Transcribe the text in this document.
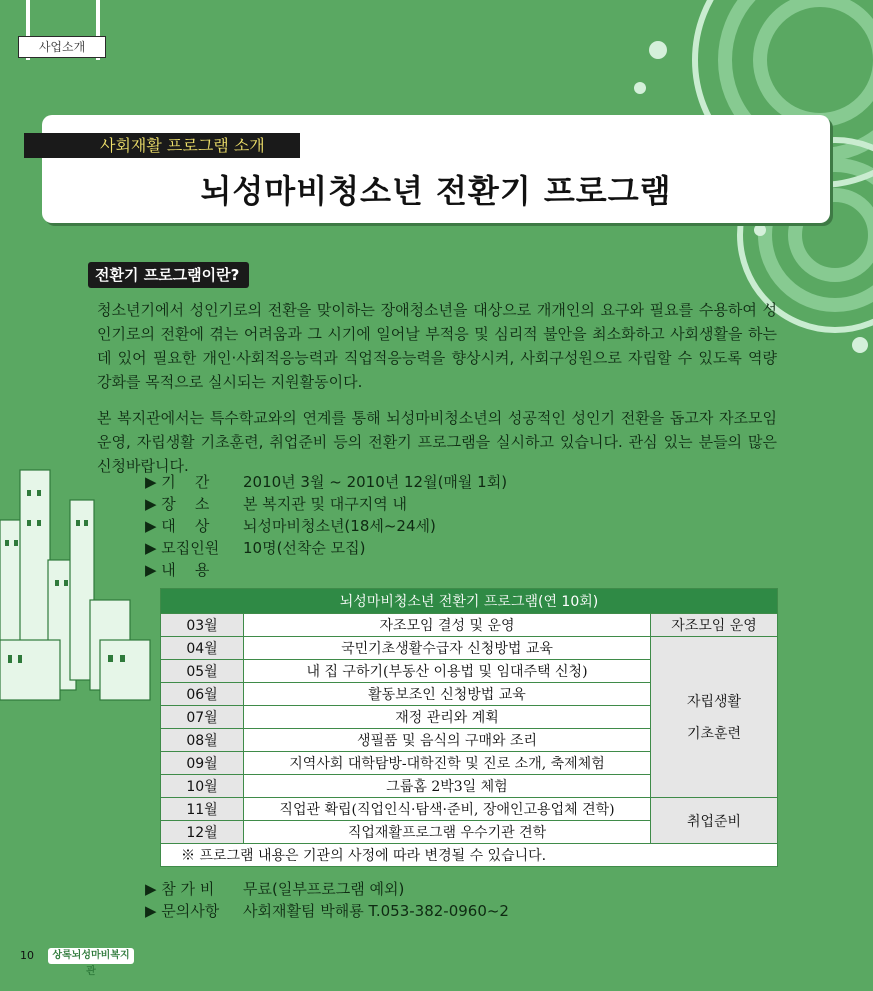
사업소개
사회재활 프로그램 소개
뇌성마비청소년 전환기 프로그램
전환기 프로그램이란?
청소년기에서 성인기로의 전환을 맞이하는 장애청소년을 대상으로 개개인의 요구와 필요를 수용하여 성인기로의 전환에 겪는 어려움과 그 시기에 일어날 부적응 및 심리적 불안을 최소화하고 사회생활을 하는데 있어 필요한 개인·사회적응능력과 직업적응능력을 향상시켜, 사회구성원으로 자립할 수 있도록 역량 강화를 목적으로 실시되는 지원활동이다.
본 복지관에서는 특수학교와의 연계를 통해 뇌성마비청소년의 성공적인 성인기 전환을 돕고자 자조모임 운영, 자립생활 기초훈련, 취업준비 등의 전환기 프로그램을 실시하고 있습니다. 관심 있는 분들의 많은 신청바랍니다.
▶ 기    간	2010년 3월 ~ 2010년 12월(매월 1회)
▶ 장    소	본 복지관 및 대구지역 내
▶ 대    상	뇌성마비청소년(18세~24세)
▶ 모집인원	10명(선착순 모집)
▶ 내    용
뇌성마비청소년 전환기 프로그램(연 10회)		
03월	자조모임 결성 및 운영	자조모임 운영
04월	국민기초생활수급자 신청방법 교육	자립생활
기초훈련

05월	내 집 구하기(부동산 이용법 및 임대주택 신청)	
06월	활동보조인 신청방법 교육	
07월	재정 관리와 계획	
08월	생필품 및 음식의 구매와 조리	
09월	지역사회 대학탐방-대학진학 및 진로 소개, 축제체험	
10월	그룹홈 2박3일 체험	
11월	직업관 확립(직업인식·탐색·준비, 장애인고용업체 견학)	취업준비
12월	직업재활프로그램 우수기관 견학	
※ 프로그램 내용은 기관의 사정에 따라 변경될 수 있습니다.		
▶ 참 가 비	무료(일부프로그램 예외)
▶ 문의사항	사회재활팀 박해룡 T.053-382-0960~2
10	상록뇌성마비복지관
